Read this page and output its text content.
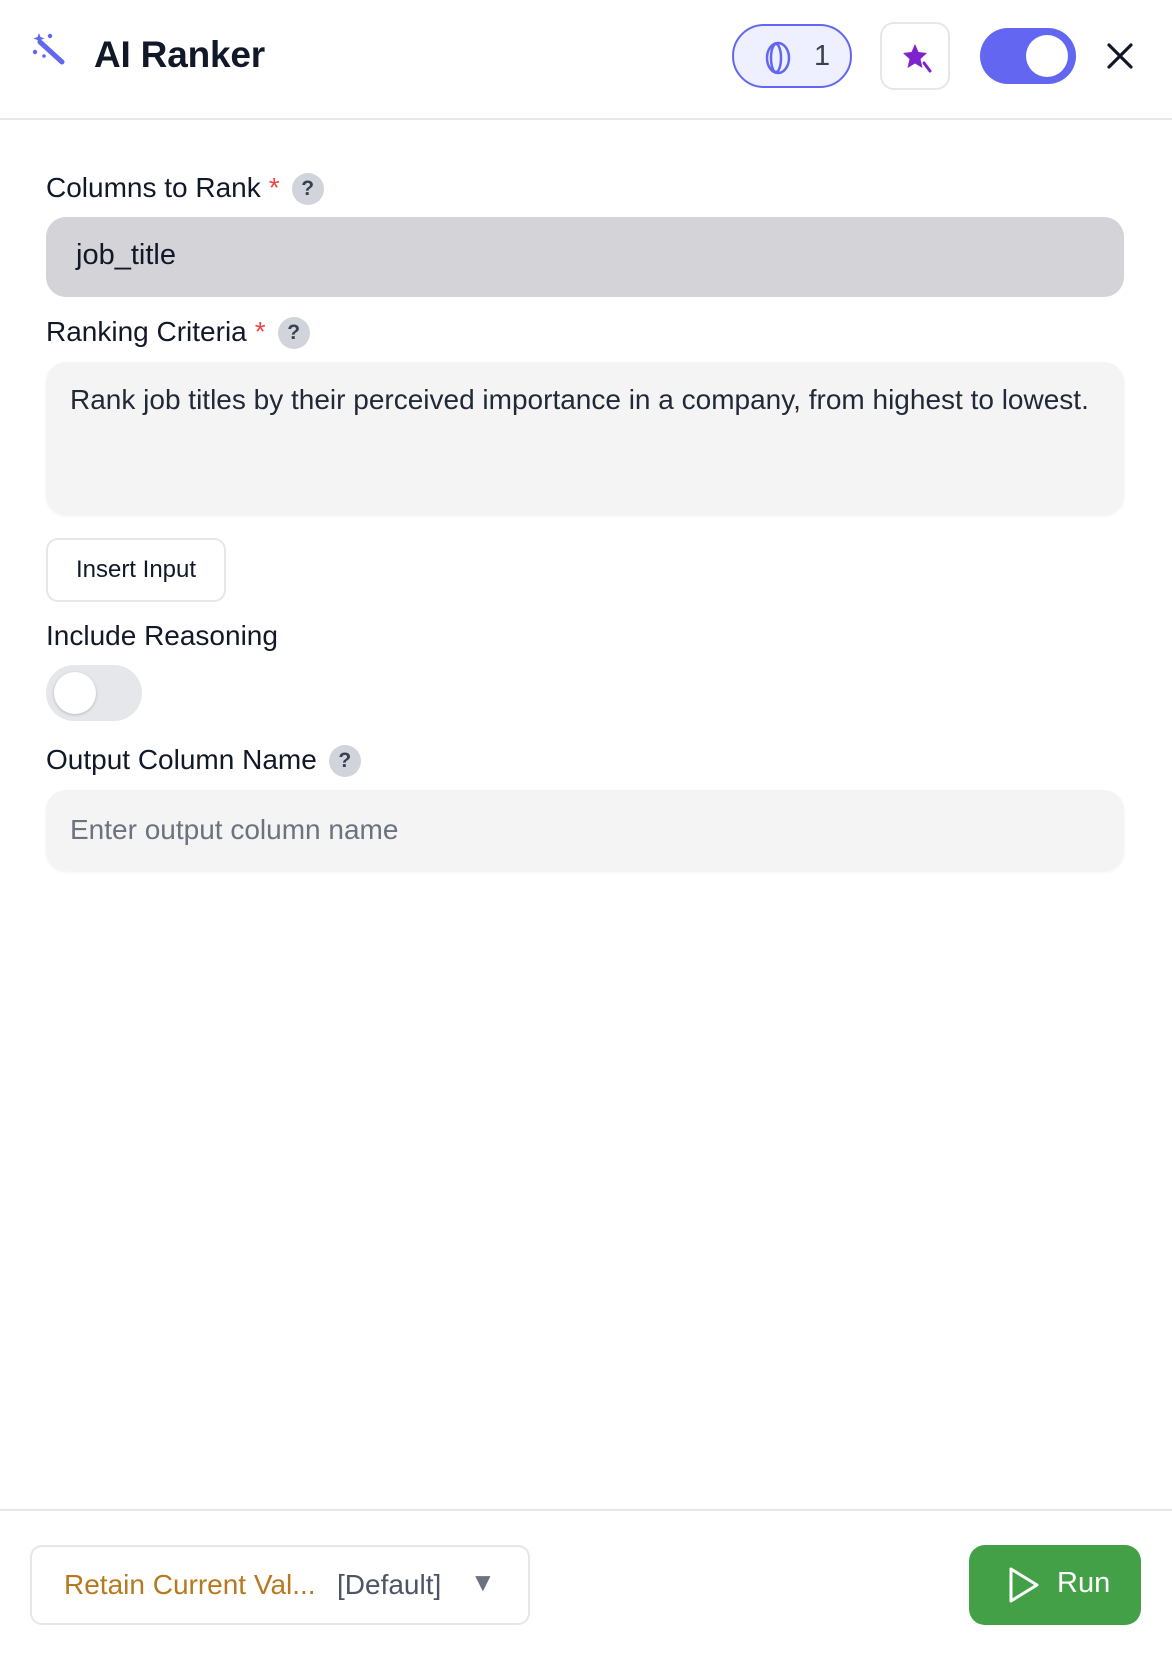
AI Ranker	1
Columns to Rank * ?
job_title
Ranking Criteria * ?
Rank job titles by their perceived importance in a company, from highest to lowest.
Insert Input
Include Reasoning
Output Column Name ?
Enter output column name
Retain Current Val... [Default] ▼	Run
